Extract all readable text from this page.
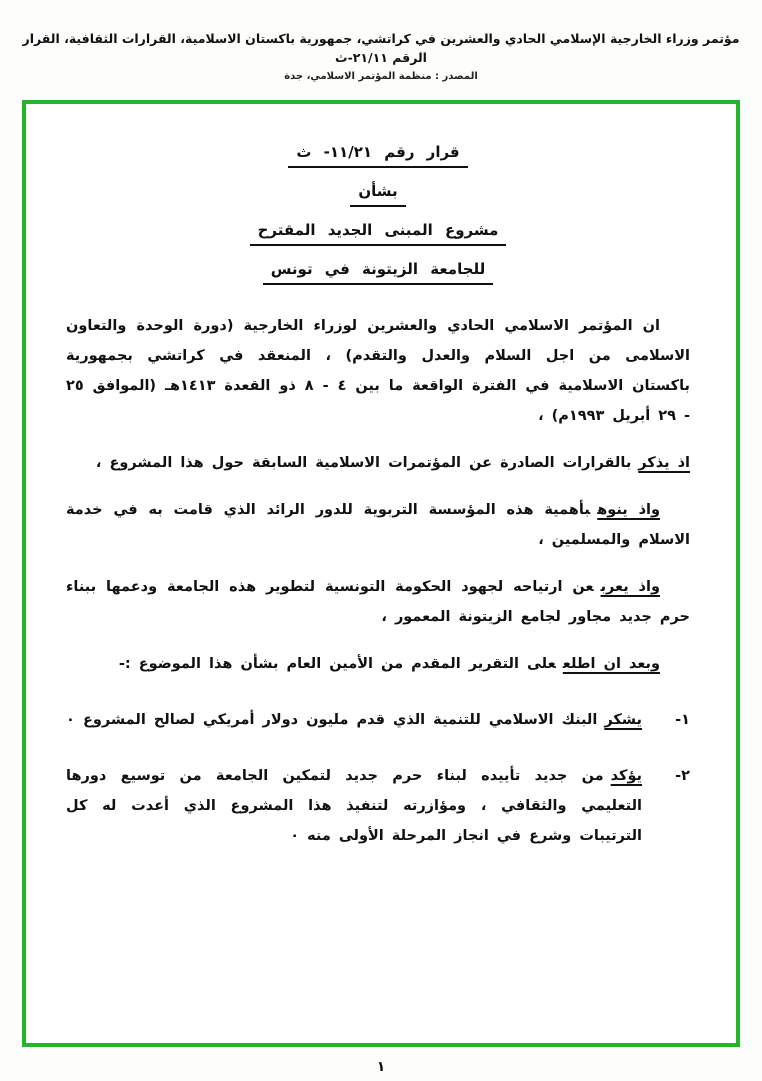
مؤتمر وزراء الخارجية الإسلامي الحادي والعشرين في كراتشي، جمهورية باكستان الاسلامية، القرارات الثقافية، القرار الرقم ٢١/١١-ث
المصدر : منظمة المؤتمر الاسلامي، جدة
قرار رقم ١١/٢١- ث
بشأن
مشروع المبنى الجديد المقترح
للجامعة الزيتونة في تونس

ان المؤتمر الاسلامي الحادي والعشرين لوزراء الخارجية (دورة الوحدة والتعاون الاسلامى من اجل السلام والعدل والتقدم) ، المنعقد في كراتشي بجمهورية باكستان الاسلامية في الفترة الواقعة ما بين ٤ - ٨ ذو القعدة ١٤١٣هـ (الموافق ٢٥ - ٢٩ أبريل ١٩٩٣م) ،

اذ يذكربالقرارات الصادرة عن المؤتمرات الاسلامية السابقة حول هذا المشروع ،

واذ ينوهبأهمية هذه المؤسسة التربوية للدور الرائد الذي قامت به في خدمة الاسلام والمسلمين ،

واذ يعربعن ارتياحه لجهود الحكومة التونسية لتطوير هذه الجامعة ودعمها ببناء حرم جديد مجاور لجامع الزيتونة المعمور ،

وبعد ان اطلععلى التقرير المقدم من الأمين العام بشأن هذا الموضوع :-

١-
يشكرالبنك الاسلامي للتنمية الذي قدم مليون دولار أمريكي لصالح المشروع ٠
٢-
يؤكدمن جديد تأييده لبناء حرم جديد لتمكين الجامعة من توسيع دورها التعليمي والثقافي ، ومؤازرته لتنفيذ هذا المشروع الذي أعدت له كل الترتيبات وشرع في انجاز المرحلة الأولى منه ٠
١
